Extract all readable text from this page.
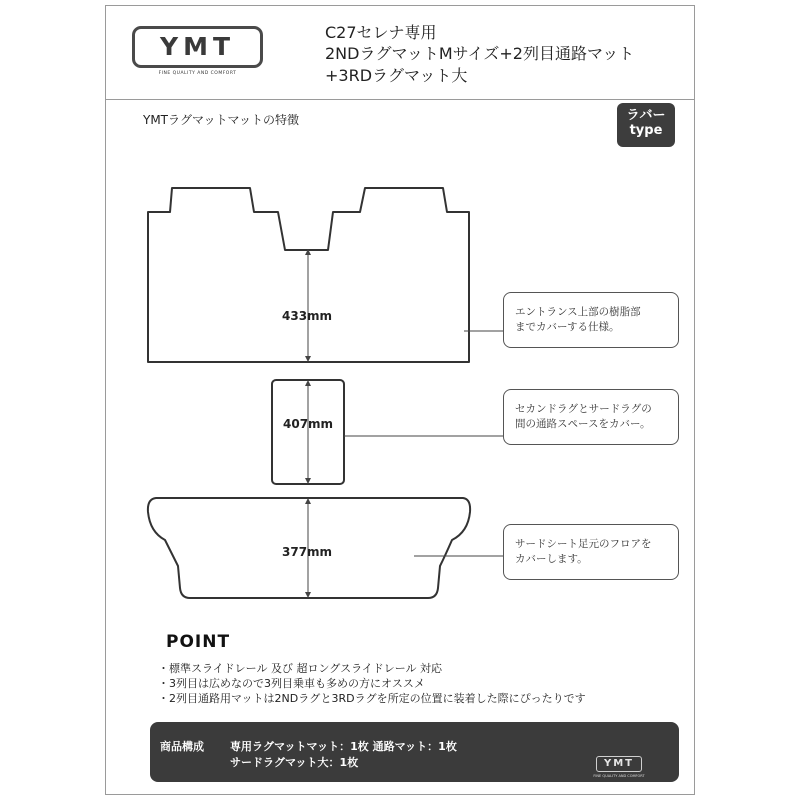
YMT
FINE QUALITY AND COMFORT
C27セレナ専用
2NDラグマットMサイズ+2列目通路マット
+3RDラグマット大
YMTラグマットマットの特徴	ラバー
type
433mm
407mm
377mm
エントランス上部の樹脂部
までカバーする仕様。
セカンドラグとサードラグの
間の通路スペースをカバー。
サードシート足元のフロアを
カバーします。
POINT
・ 標準スライドレール 及び 超ロングスライドレール 対応
・ 3列目は広めなので3列目乗車も多めの方にオススメ
・ 2列目通路用マットは2NDラグと3RDラグを所定の位置に装着した際にぴったりです
商品構成 専用ラグマットマット：1枚 通路マット：1枚
サードラグマット大：1枚	YMT
FINE QUALITY AND COMFORT
